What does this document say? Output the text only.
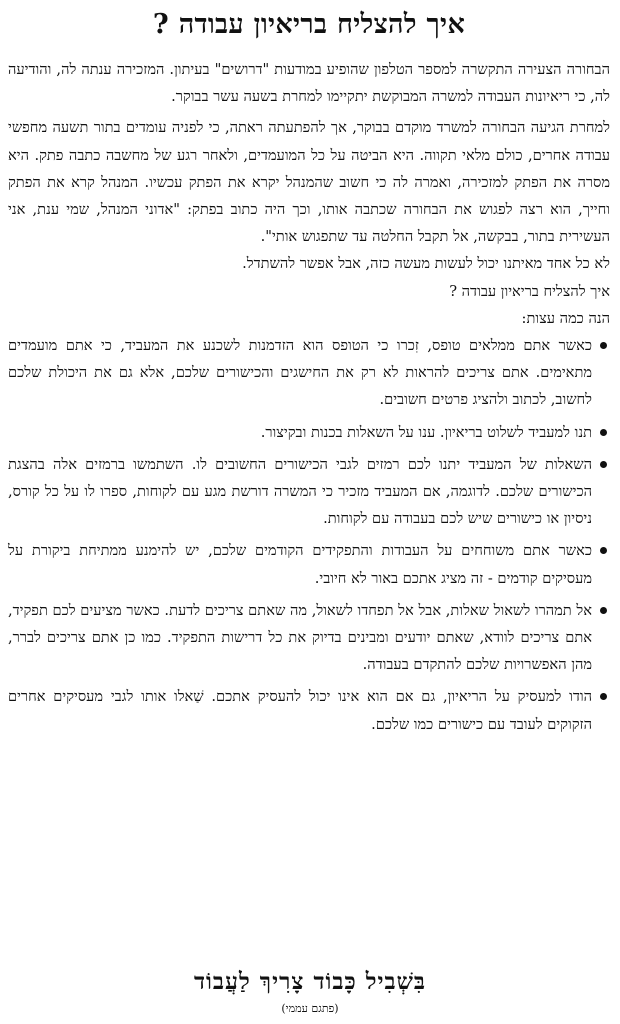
איך להצליח בריאיון עבודה ?

הבחורה הצעירה התקשרה למספר הטלפון שהופיע במודעות "דרושים" בעיתון. המזכירה ענתה לה, והודיעה לה, כי ריאיונות העבודה למשרה המבוקשת יתקיימו למחרת בשעה עשר בבוקר.

למחרת הגיעה הבחורה למשרד מוקדם בבוקר, אך להפתעתה ראתה, כי לפניה עומדים בתור תשעה מחפשי עבודה אחרים, כולם מלאי תקווה. היא הביטה על כל המועמדים, ולאחר רגע של מחשבה כתבה פתק. היא מסרה את הפתק למזכירה, ואמרה לה כי חשוב שהמנהל יקרא את הפתק עכשיו. המנהל קרא את הפתק וחייך, הוא רצה לפגוש את הבחורה שכתבה אותו, וכך היה כתוב בפתק: "אדוני המנהל, שמי ענת, אני העשירית בתור, בבקשה, אל תקבל החלטה עד שתפגוש אותי".

לא כל אחד מאיתנו יכול לעשות מעשה כזה, אבל אפשר להשתדל.

איך להצליח בריאיון עבודה ?

הנה כמה עצות:

כאשר אתם ממלאים טופס, זִכרו כי הטופס הוא הזדמנות לשכנע את המעביד, כי אתם מועמדים מתאימים. אתם צריכים להראות לא רק את החישגים והכישורים שלכם, אלא גם את היכולת שלכם לחשוב, לכתוב ולהציג פרטים חשובים.
תנו למעביד לשלוט בריאיון. ענו על השאלות בכנות ובקיצור.
השאלות של המעביד יתנו לכם רמזים לגבי הכישורים החשובים לו. השתמשו ברמזים אלה בהצגת הכישורים שלכם. לדוגמה, אם המעביד מזכיר כי המשרה דורשת מגע עם לקוחות, ספרו לו על כל קורס, ניסיון או כישורים שיש לכם בעבודה עם לקוחות.
כאשר אתם משוחחים על העבודות והתפקידים הקודמים שלכם, יש להימנע ממתיחת ביקורת על מעסיקים קודמים - זה מציג אתכם באור לא חיובי.
אל תמהרו לשאול שאלות, אבל אל תפחדו לשאול, מה שאתם צריכים לדעת. כאשר מציעים לכם תפקיד, אתם צריכים לוודא, שאתם יודעים ומבינים בדיוק את כל דרישות התפקיד. כמו כן אתם צריכים לברר, מהן האפשרויות שלכם להתקדם בעבודה.
הודו למעסיק על הריאיון, גם אם הוא אינו יכול להעסיק אתכם. שַׁאלו אותו לגבי מעסיקים אחרים הזקוקים לעובד עם כישורים כמו שלכם.
בִּשְׁבִיל כָּבוֹד צָרִיךְ לַעֲבוֹד
(פתגם עממי)
